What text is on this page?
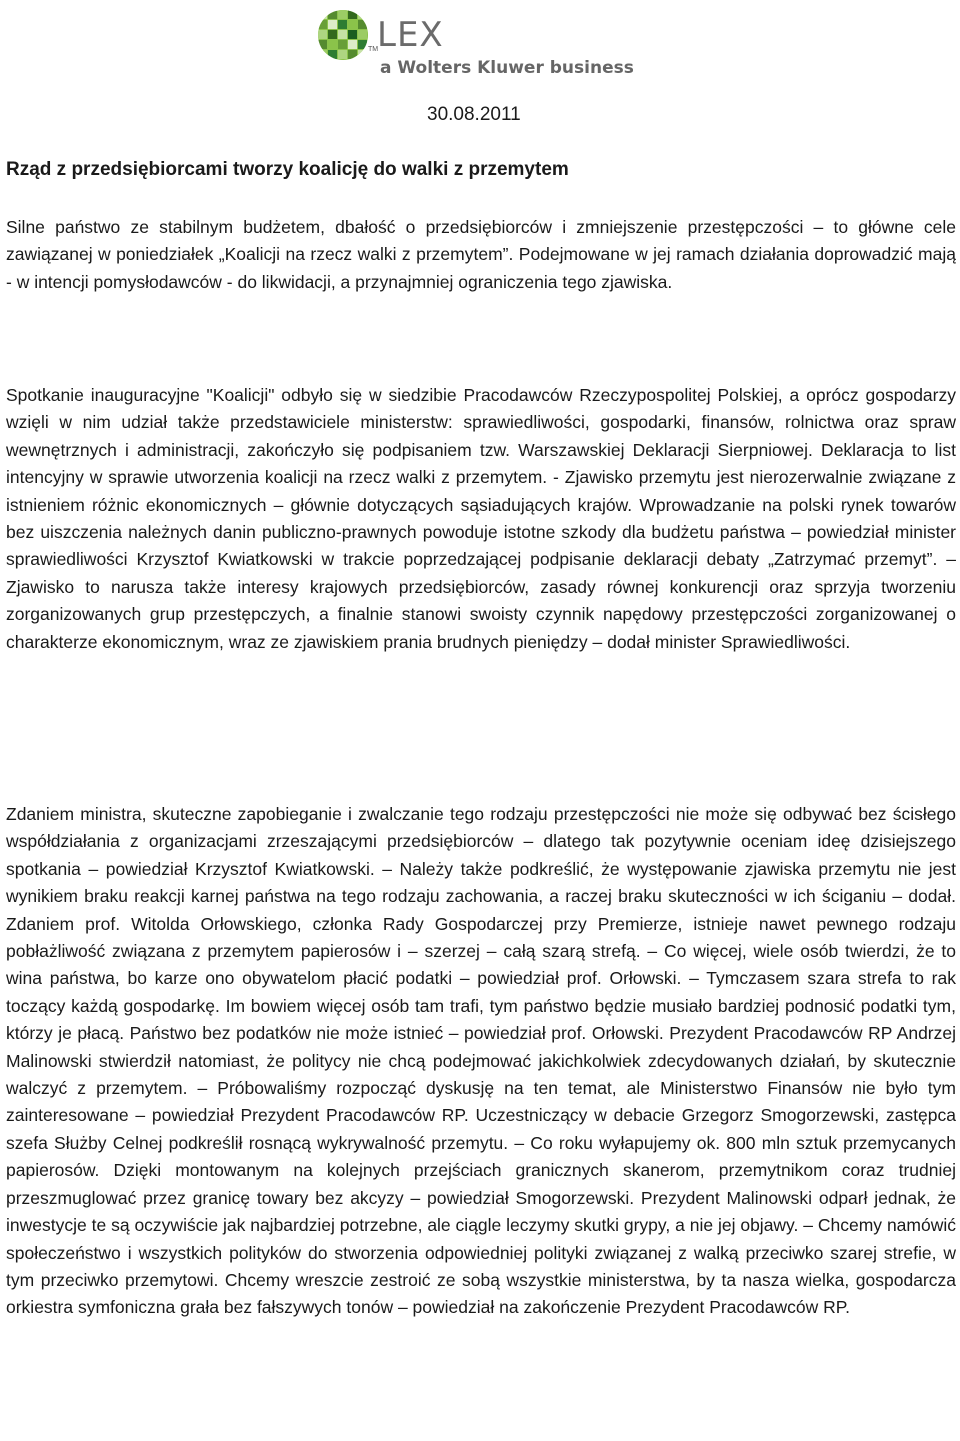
TM
LEX
a Wolters Kluwer business
30.08.2011
Rząd z przedsiębiorcami tworzy koalicję do walki z przemytem

Silne państwo ze stabilnym budżetem, dbałość o przedsiębiorców i zmniejszenie przestępczości – to główne cele zawiązanej w poniedziałek „Koalicji na rzecz walki z przemytem”. Podejmowane w jej ramach działania doprowadzić mają - w intencji pomysłodawców - do likwidacji, a przynajmniej ograniczenia tego zjawiska.

Spotkanie inauguracyjne "Koalicji" odbyło się w siedzibie Pracodawców Rzeczypospolitej Polskiej, a oprócz gospodarzy wzięli w nim udział także przedstawiciele ministerstw: sprawiedliwości, gospodarki, finansów, rolnictwa oraz spraw wewnętrznych i administracji, zakończyło się podpisaniem tzw. Warszawskiej Deklaracji Sierpniowej. Deklaracja to list intencyjny w sprawie utworzenia koalicji na rzecz walki z przemytem. - Zjawisko przemytu jest nierozerwalnie związane z istnieniem różnic ekonomicznych – głównie dotyczących sąsiadujących krajów. Wprowadzanie na polski rynek towarów bez uiszczenia należnych danin publiczno-prawnych powoduje istotne szkody dla budżetu państwa – powiedział minister sprawiedliwości Krzysztof Kwiatkowski w trakcie poprzedzającej podpisanie deklaracji debaty „Zatrzymać przemyt”. – Zjawisko to narusza także interesy krajowych przedsiębiorców, zasady równej konkurencji oraz sprzyja tworzeniu zorganizowanych grup przestępczych, a finalnie stanowi swoisty czynnik napędowy przestępczości zorganizowanej o charakterze ekonomicznym, wraz ze zjawiskiem prania brudnych pieniędzy – dodał minister Sprawiedliwości.

Zdaniem ministra, skuteczne zapobieganie i zwalczanie tego rodzaju przestępczości nie może się odbywać bez ścisłego współdziałania z organizacjami zrzeszającymi przedsiębiorców – dlatego tak pozytywnie oceniam ideę dzisiejszego spotkania – powiedział Krzysztof Kwiatkowski. – Należy także podkreślić, że występowanie zjawiska przemytu nie jest wynikiem braku reakcji karnej państwa na tego rodzaju zachowania, a raczej braku skuteczności w ich ściganiu – dodał. Zdaniem prof. Witolda Orłowskiego, członka Rady Gospodarczej przy Premierze, istnieje nawet pewnego rodzaju pobłażliwość związana z przemytem papierosów i – szerzej – całą szarą strefą. – Co więcej, wiele osób twierdzi, że to wina państwa, bo karze ono obywatelom płacić podatki – powiedział prof. Orłowski. – Tymczasem szara strefa to rak toczący każdą gospodarkę. Im bowiem więcej osób tam trafi, tym państwo będzie musiało bardziej podnosić podatki tym, którzy je płacą. Państwo bez podatków nie może istnieć – powiedział prof. Orłowski. Prezydent Pracodawców RP Andrzej Malinowski stwierdził natomiast, że politycy nie chcą podejmować jakichkolwiek zdecydowanych działań, by skutecznie walczyć z przemytem. – Próbowaliśmy rozpocząć dyskusję na ten temat, ale Ministerstwo Finansów nie było tym zainteresowane – powiedział Prezydent Pracodawców RP. Uczestniczący w debacie Grzegorz Smogorzewski, zastępca szefa Służby Celnej podkreślił rosnącą wykrywalność przemytu. – Co roku wyłapujemy ok. 800 mln sztuk przemycanych papierosów. Dzięki montowanym na kolejnych przejściach granicznych skanerom, przemytnikom coraz trudniej przeszmuglować przez granicę towary bez akcyzy – powiedział Smogorzewski. Prezydent Malinowski odparł jednak, że inwestycje te są oczywiście jak najbardziej potrzebne, ale ciągle leczymy skutki grypy, a nie jej objawy. – Chcemy namówić społeczeństwo i wszystkich polityków do stworzenia odpowiedniej polityki związanej z walką przeciwko szarej strefie, w tym przeciwko przemytowi. Chcemy wreszcie zestroić ze sobą wszystkie ministerstwa, by ta nasza wielka, gospodarcza orkiestra symfoniczna grała bez fałszywych tonów – powiedział na zakończenie Prezydent Pracodawców RP.
